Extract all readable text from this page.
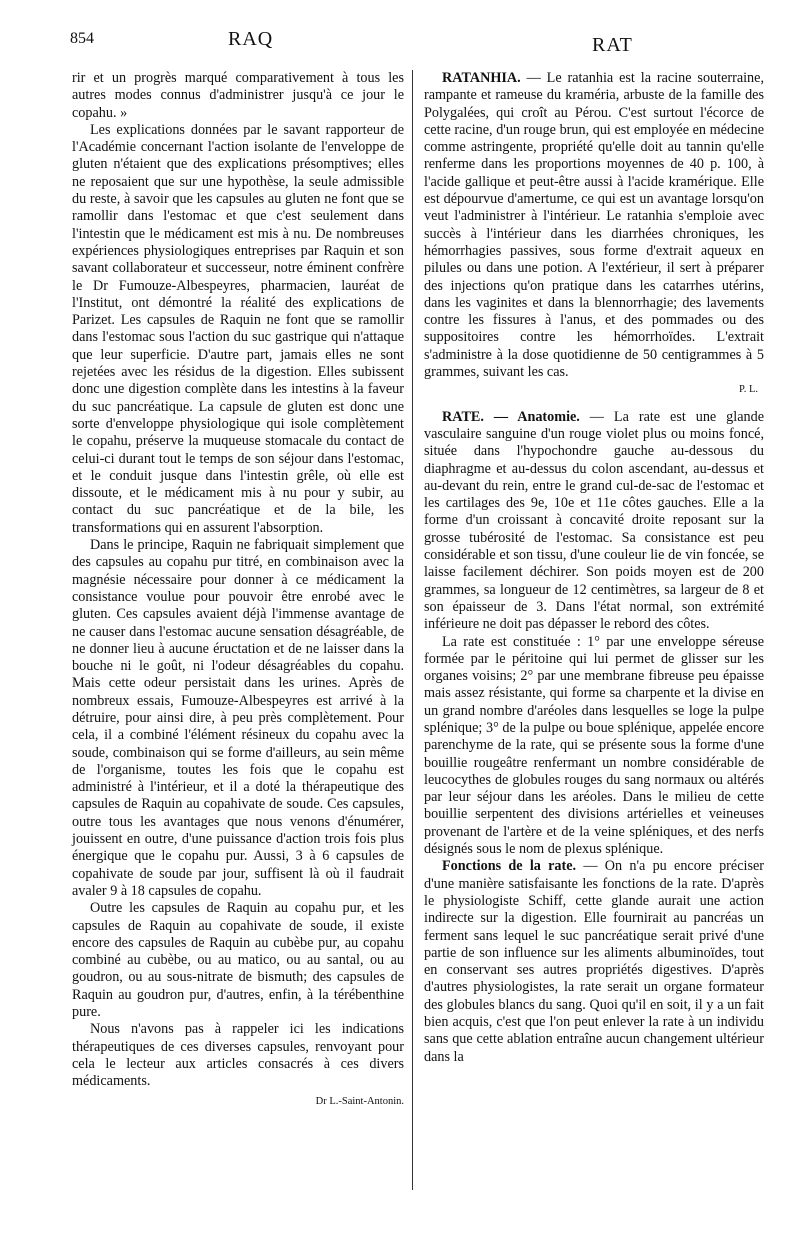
854	RAQ	RAT

rir et un progrès marqué comparativement à tous les autres modes connus d'administrer jusqu'à ce jour le copahu. »

Les explications données par le savant rapporteur de l'Académie concernant l'action isolante de l'enveloppe de gluten n'étaient que des explications présomptives; elles ne reposaient que sur une hypothèse, la seule admissible du reste, à savoir que les capsules au gluten ne font que se ramollir dans l'estomac et que c'est seulement dans l'intestin que le médicament est mis à nu. De nombreuses expériences physiologiques entreprises par Raquin et son savant collaborateur et successeur, notre éminent confrère le Dr Fumouze-Albespeyres, pharmacien, lauréat de l'Institut, ont démontré la réalité des explications de Parizet. Les capsules de Raquin ne font que se ramollir dans l'estomac sous l'action du suc gastrique qui n'attaque que leur superficie. D'autre part, jamais elles ne sont rejetées avec les résidus de la digestion. Elles subissent donc une digestion complète dans les intestins à la faveur du suc pancréatique. La capsule de gluten est donc une sorte d'enveloppe physiologique qui isole complètement le copahu, préserve la muqueuse stomacale du contact de celui-ci durant tout le temps de son séjour dans l'estomac, et le conduit jusque dans l'intestin grêle, où elle est dissoute, et le médicament mis à nu pour y subir, au contact du suc pancréatique et de la bile, les transformations qui en assurent l'absorption.

Dans le principe, Raquin ne fabriquait simplement que des capsules au copahu pur titré, en combinaison avec la magnésie nécessaire pour donner à ce médicament la consistance voulue pour pouvoir être enrobé avec le gluten. Ces capsules avaient déjà l'immense avantage de ne causer dans l'estomac aucune sensation désagréable, de ne donner lieu à aucune éructation et de ne laisser dans la bouche ni le goût, ni l'odeur désagréables du copahu. Mais cette odeur persistait dans les urines. Après de nombreux essais, Fumouze-Albespeyres est arrivé à la détruire, pour ainsi dire, à peu près complètement. Pour cela, il a combiné l'élément résineux du copahu avec la soude, combinaison qui se forme d'ailleurs, au sein même de l'organisme, toutes les fois que le copahu est administré à l'intérieur, et il a doté la thérapeutique des capsules de Raquin au copahivate de soude. Ces capsules, outre tous les avantages que nous venons d'énumérer, jouissent en outre, d'une puissance d'action trois fois plus énergique que le copahu pur. Aussi, 3 à 6 capsules de copahivate de soude par jour, suffisent là où il faudrait avaler 9 à 18 capsules de copahu.

Outre les capsules de Raquin au copahu pur, et les capsules de Raquin au copahivate de soude, il existe encore des capsules de Raquin au cubèbe pur, au copahu combiné au cubèbe, ou au matico, ou au santal, ou au goudron, ou au sous-nitrate de bismuth; des capsules de Raquin au goudron pur, d'autres, enfin, à la térébenthine pure.

Nous n'avons pas à rappeler ici les indications thérapeutiques de ces diverses capsules, renvoyant pour cela le lecteur aux articles consacrés à ces divers médicaments.

Dr L.-Saint-Antonin.

RATANHIA. — Le ratanhia est la racine souterraine, rampante et rameuse du kraméria, arbuste de la famille des Polygalées, qui croît au Pérou. C'est surtout l'écorce de cette racine, d'un rouge brun, qui est employée en médecine comme astringente, propriété qu'elle doit au tannin qu'elle renferme dans les proportions moyennes de 40 p. 100, à l'acide gallique et peut-être aussi à l'acide kramérique. Elle est dépourvue d'amertume, ce qui est un avantage lorsqu'on veut l'administrer à l'intérieur. Le ratanhia s'emploie avec succès à l'intérieur dans les diarrhées chroniques, les hémorrhagies passives, sous forme d'extrait aqueux en pilules ou dans une potion. A l'extérieur, il sert à préparer des injections qu'on pratique dans les catarrhes utérins, dans les vaginites et dans la blennorrhagie; des lavements contre les fissures à l'anus, et des pommades ou des suppositoires contre les hémorrhoïdes. L'extrait s'administre à la dose quotidienne de 50 centigrammes à 5 grammes, suivant les cas.

P. L.

RATE. — Anatomie. — La rate est une glande vasculaire sanguine d'un rouge violet plus ou moins foncé, située dans l'hypochondre gauche au-dessous du diaphragme et au-dessus du colon ascendant, au-dessus et au-devant du rein, entre le grand cul-de-sac de l'estomac et les cartilages des 9e, 10e et 11e côtes gauches. Elle a la forme d'un croissant à concavité droite reposant sur la grosse tubérosité de l'estomac. Sa consistance est peu considérable et son tissu, d'une couleur lie de vin foncée, se laisse facilement déchirer. Son poids moyen est de 200 grammes, sa longueur de 12 centimètres, sa largeur de 8 et son épaisseur de 3. Dans l'état normal, son extrémité inférieure ne doit pas dépasser le rebord des côtes.

La rate est constituée : 1° par une enveloppe séreuse formée par le péritoine qui lui permet de glisser sur les organes voisins; 2° par une membrane fibreuse peu épaisse mais assez résistante, qui forme sa charpente et la divise en un grand nombre d'aréoles dans lesquelles se loge la pulpe splénique; 3° de la pulpe ou boue splénique, appelée encore parenchyme de la rate, qui se présente sous la forme d'une bouillie rougeâtre renfermant un nombre considérable de leucocythes de globules rouges du sang normaux ou altérés par leur séjour dans les aréoles. Dans le milieu de cette bouillie serpentent des divisions artérielles et veineuses provenant de l'artère et de la veine spléniques, et des nerfs désignés sous le nom de plexus splénique.

Fonctions de la rate. — On n'a pu encore préciser d'une manière satisfaisante les fonctions de la rate. D'après le physiologiste Schiff, cette glande aurait une action indirecte sur la digestion. Elle fournirait au pancréas un ferment sans lequel le suc pancréatique serait privé d'une partie de son influence sur les aliments albuminoïdes, tout en conservant ses autres propriétés digestives. D'après d'autres physiologistes, la rate serait un organe formateur des globules blancs du sang. Quoi qu'il en soit, il y a un fait bien acquis, c'est que l'on peut enlever la rate à un individu sans que cette ablation entraîne aucun changement ultérieur dans la
